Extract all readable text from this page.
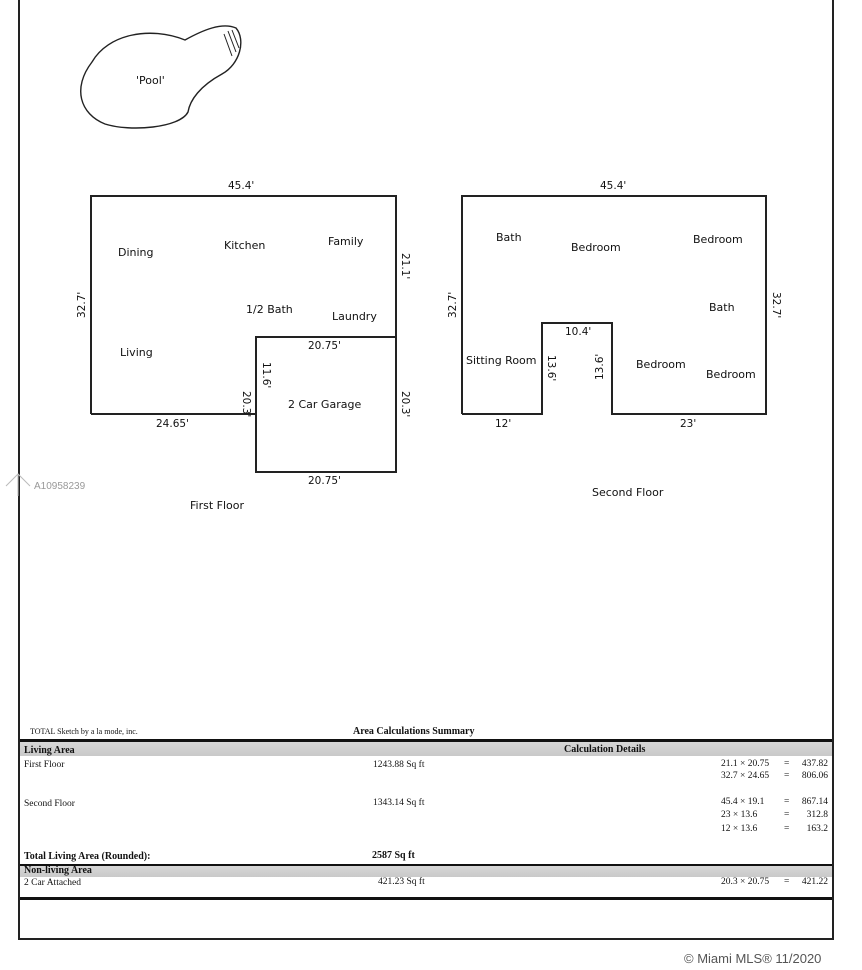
'Pool'
45.4'
32.7'
21.1'
24.65'
20.75'
11.6'
20.3'	20.3'
20.75'
Dining
Kitchen	Family
1/2 Bath
Laundry
Living
2 Car Garage
First Floor
45.4'
32.7'	32.7'
10.4'
13.6'	13.6'
12'	23'
Bath
Bedroom
Bedroom
Bath
Sitting Room	Bedroom
Bedroom
Second Floor
A10958239
TOTAL Sketch by a la mode, inc.	Area Calculations Summary
Living Area	Calculation Details
First Floor	1243.88 Sq ft	21.1 × 20.75 =	437.82
32.7 × 24.65 =	806.06
Second Floor	1343.14 Sq ft	45.4 × 19.1 =	867.14
23 × 13.6	=	312.8
12 × 13.6	=	163.2
Total Living Area (Rounded):	2587 Sq ft
Non-living Area
2 Car Attached	421.23 Sq ft	20.3 × 20.75 =	421.22
© Miami MLS® 11/2020
